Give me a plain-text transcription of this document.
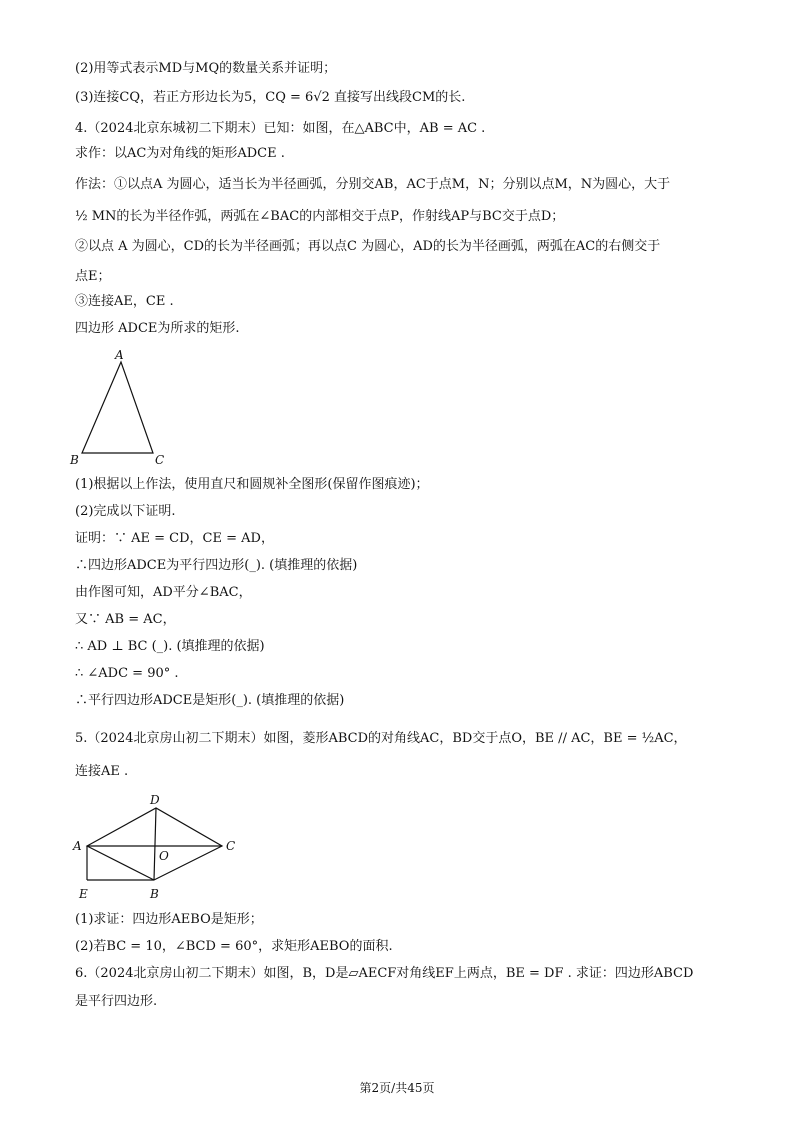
(2)用等式表示MD与MQ的数量关系并证明；
(3)连接CQ，若正方形边长为5，CQ = 6√2 直接写出线段CM的长.
4.（2024北京东城初二下期末）已知：如图，在△ABC中，AB = AC .
求作：以AC为对角线的矩形ADCE .
作法：①以点A 为圆心，适当长为半径画弧，分别交AB，AC于点M，N；分别以点M，N为圆心，大于
½ MN的长为半径作弧，两弧在∠BAC的内部相交于点P，作射线AP与BC交于点D；
②以点 A 为圆心，CD的长为半径画弧；再以点C 为圆心，AD的长为半径画弧，两弧在AC的右侧交于
点E；
③连接AE，CE .
四边形 ADCE为所求的矩形.
A
B	C
(1)根据以上作法，使用直尺和圆规补全图形(保留作图痕迹)；
(2)完成以下证明.
证明：∵ AE = CD，CE = AD，
∴四边形ADCE为平行四边形(_). (填推理的依据)
由作图可知，AD平分∠BAC，
又∵ AB = AC，
∴ AD ⊥ BC (_). (填推理的依据)
∴ ∠ADC = 90° .
∴平行四边形ADCE是矩形(_). (填推理的依据)
5.（2024北京房山初二下期末）如图，菱形ABCD的对角线AC，BD交于点O，BE // AC，BE = ½AC，
连接AE .
D
A	C
O
E	B
(1)求证：四边形AEBO是矩形；
(2)若BC = 10，∠BCD = 60°，求矩形AEBO的面积.
6.（2024北京房山初二下期末）如图，B，D是▱AECF对角线EF上两点，BE = DF . 求证：四边形ABCD
是平行四边形.
第2页/共45页
